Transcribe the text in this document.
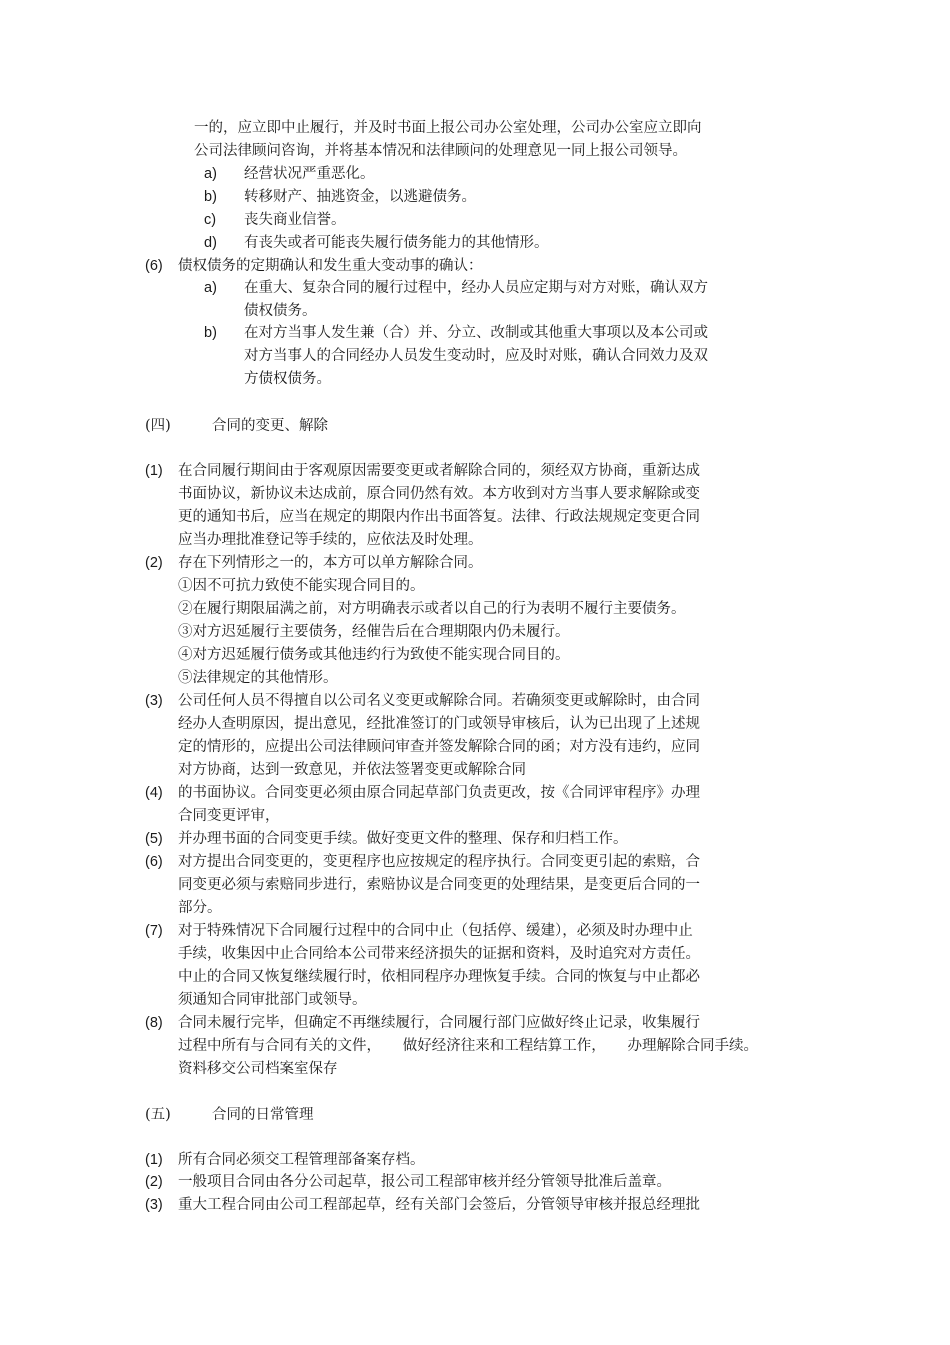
一的，应立即中止履行，并及时书面上报公司办公室处理，公司办公室应立即向
公司法律顾问咨询，并将基本情况和法律顾问的处理意见一同上报公司领导。
a) 经营状况严重恶化。
b) 转移财产、抽逃资金，以逃避债务。
c) 丧失商业信誉。
d) 有丧失或者可能丧失履行债务能力的其他情形。
(6) 债权债务的定期确认和发生重大变动事的确认：
a) 在重大、复杂合同的履行过程中，经办人员应定期与对方对账，确认双方
债权债务。
b) 在对方当事人发生兼（合）并、分立、改制或其他重大事项以及本公司或
对方当事人的合同经办人员发生变动时，应及时对账，确认合同效力及双
方债权债务。
(四)	合同的变更、解除
(1) 在合同履行期间由于客观原因需要变更或者解除合同的，须经双方协商，重新达成
书面协议，新协议未达成前，原合同仍然有效。本方收到对方当事人要求解除或变
更的通知书后，应当在规定的期限内作出书面答复。法律、行政法规规定变更合同
应当办理批准登记等手续的，应依法及时处理。
(2) 存在下列情形之一的，本方可以单方解除合同。
①因不可抗力致使不能实现合同目的。
②在履行期限届满之前，对方明确表示或者以自己的行为表明不履行主要债务。
③对方迟延履行主要债务，经催告后在合理期限内仍未履行。
④对方迟延履行债务或其他违约行为致使不能实现合同目的。
⑤法律规定的其他情形。
(3) 公司任何人员不得擅自以公司名义变更或解除合同。若确须变更或解除时，由合同
经办人查明原因，提出意见，经批准签订的门或领导审核后，认为已出现了上述规
定的情形的，应提出公司法律顾问审查并签发解除合同的函；对方没有违约，应同
对方协商，达到一致意见，并依法签署变更或解除合同
(4) 的书面协议。合同变更必须由原合同起草部门负责更改，按《合同评审程序》办理
合同变更评审，
(5) 并办理书面的合同变更手续。做好变更文件的整理、保存和归档工作。
(6) 对方提出合同变更的，变更程序也应按规定的程序执行。合同变更引起的索赔，合
同变更必须与索赔同步进行，索赔协议是合同变更的处理结果，是变更后合同的一
部分。
(7) 对于特殊情况下合同履行过程中的合同中止（包括停、缓建），必须及时办理中止
手续，收集因中止合同给本公司带来经济损失的证据和资料，及时追究对方责任。
中止的合同又恢复继续履行时，依相同程序办理恢复手续。合同的恢复与中止都必
须通知合同审批部门或领导。
(8) 合同未履行完毕，但确定不再继续履行，合同履行部门应做好终止记录，收集履行
过程中所有与合同有关的文件，　　做好经济往来和工程结算工作，　　办理解除合同手续。
资料移交公司档案室保存
(五)	合同的日常管理
(1) 所有合同必须交工程管理部备案存档。
(2) 一般项目合同由各分公司起草，报公司工程部审核并经分管领导批准后盖章。
(3) 重大工程合同由公司工程部起草，经有关部门会签后，分管领导审核并报总经理批
